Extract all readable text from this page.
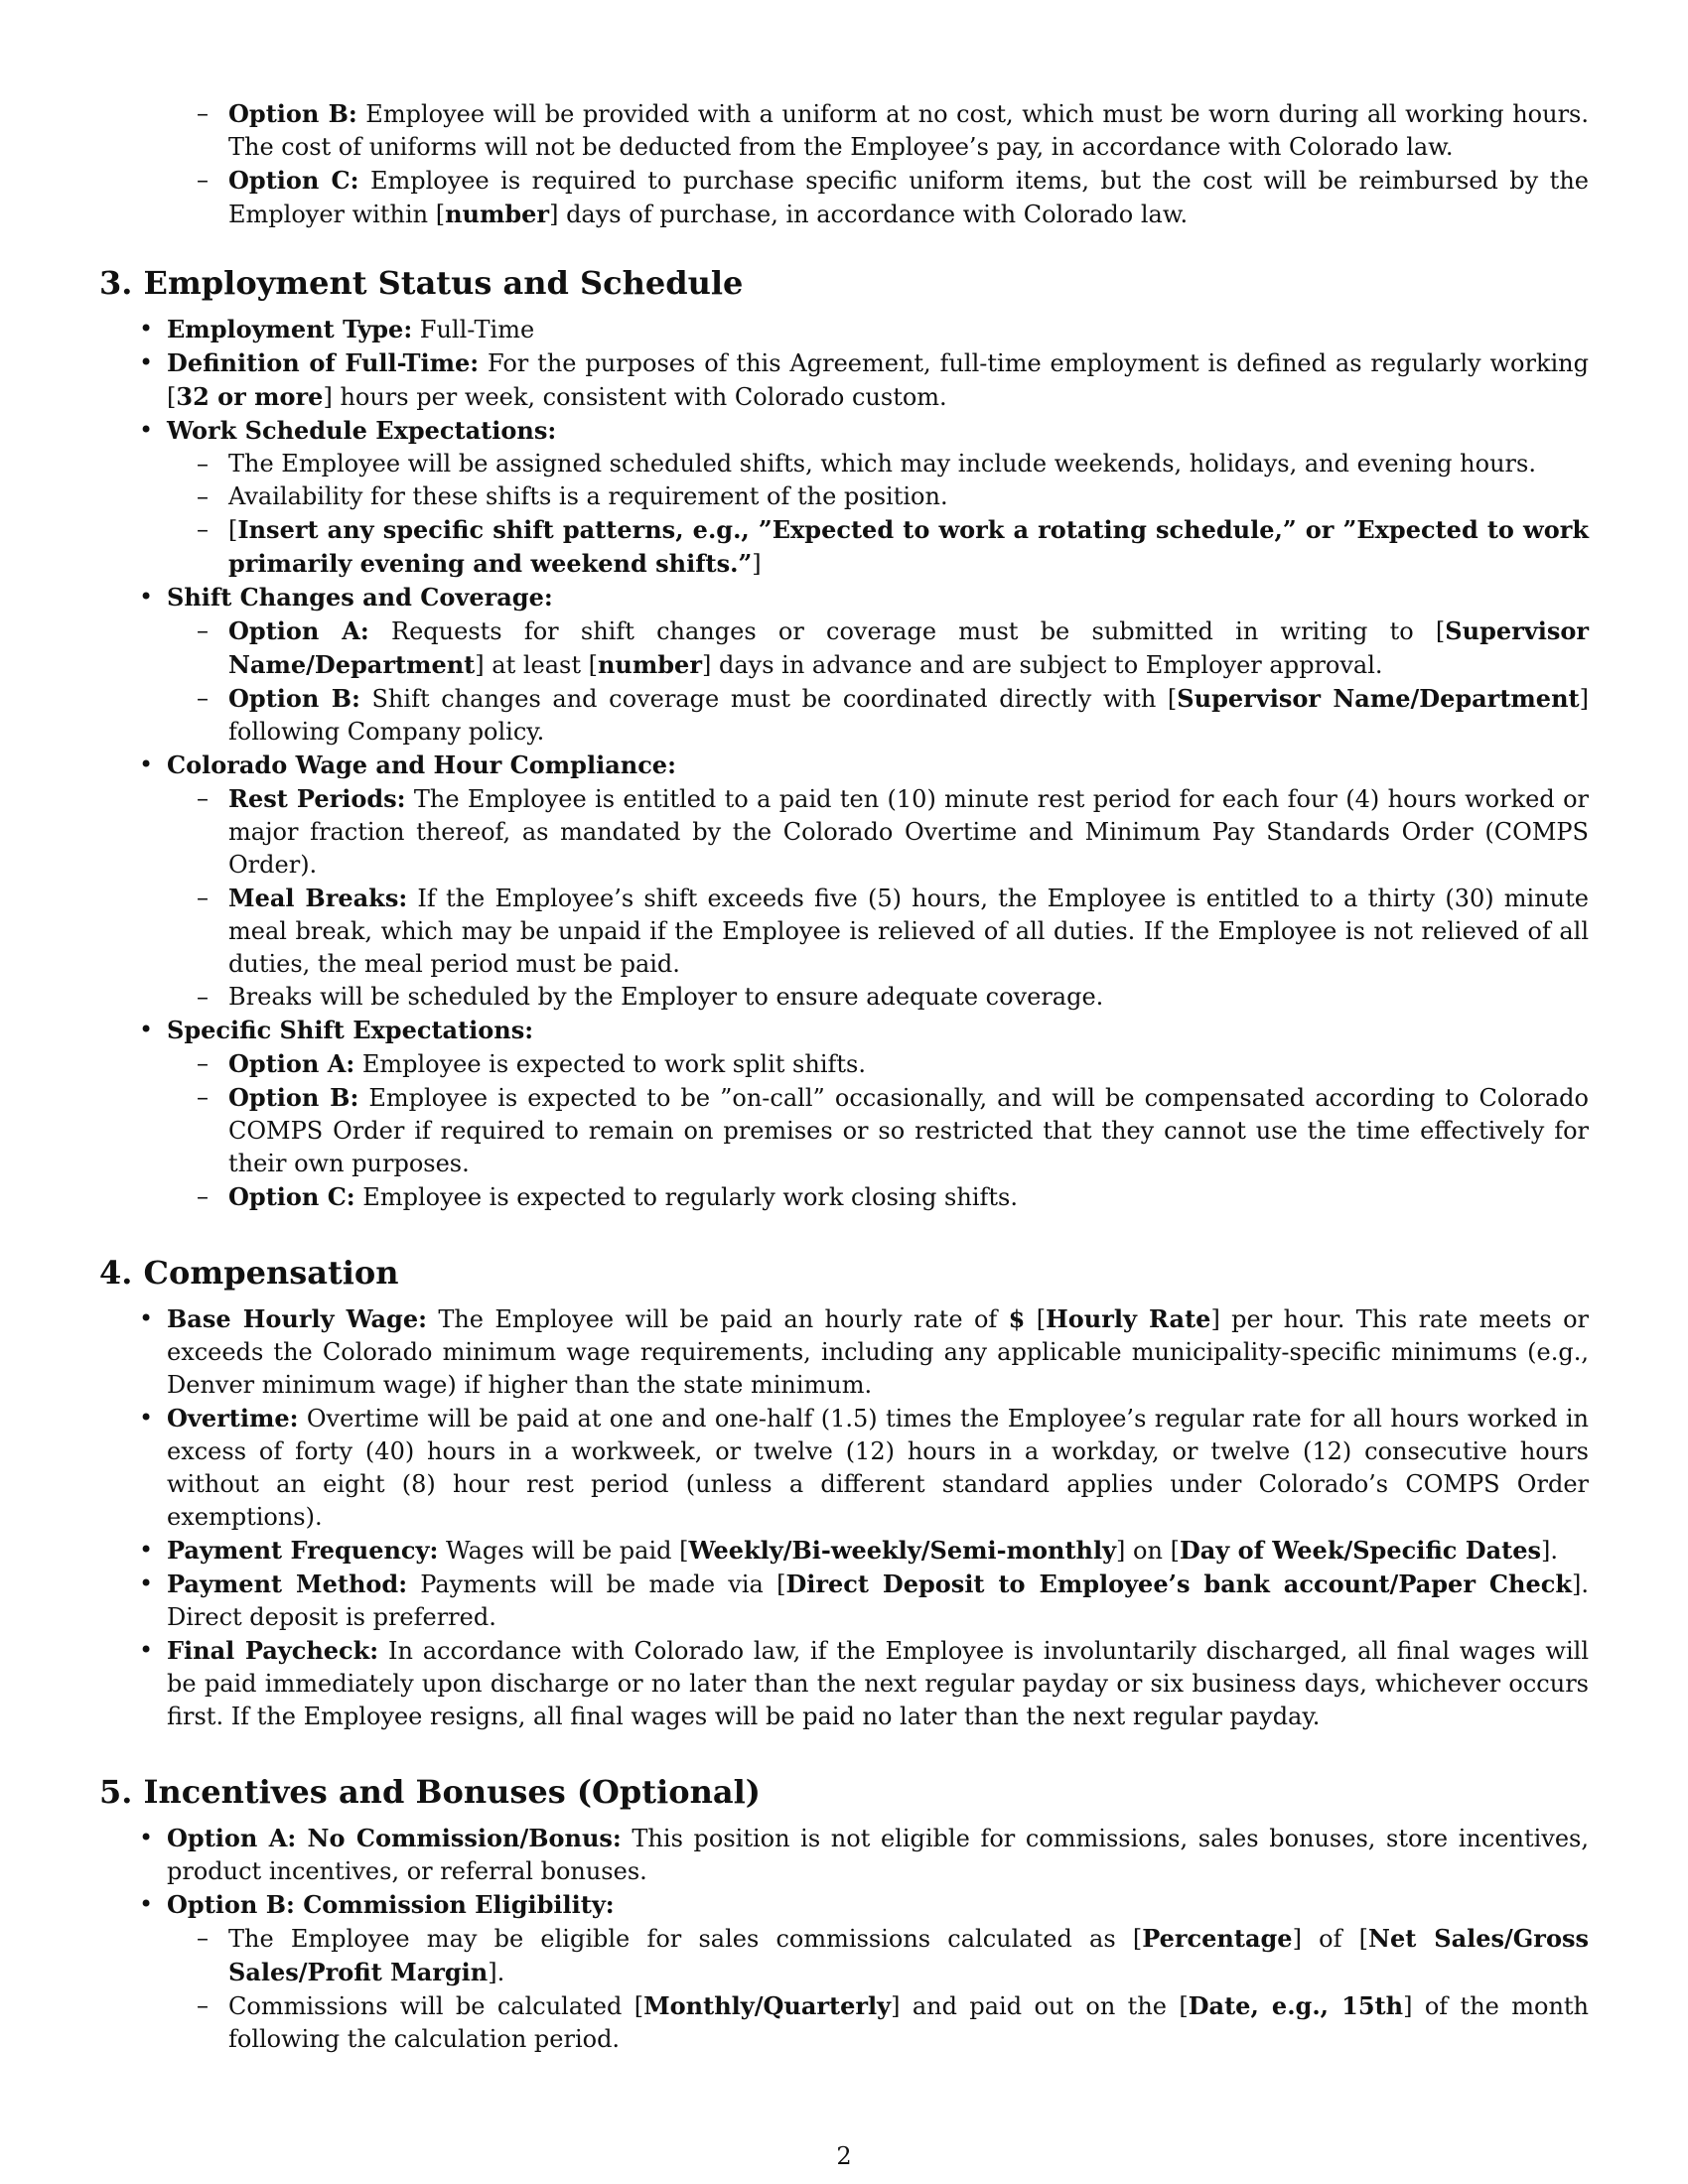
– Option B: Employee will be provided with a uniform at no cost, which must be worn during all working hours. The cost of uniforms will not be deducted from the Employee’s pay, in accordance with Colorado law.
– Option C: Employee is required to purchase specific uniform items, but the cost will be reimbursed by the Employer within [number] days of purchase, in accordance with Colorado law.
3. Employment Status and Schedule
• Employment Type: Full-Time
• Definition of Full-Time: For the purposes of this Agreement, full-time employment is defined as regularly working [32 or more] hours per week, consistent with Colorado custom.
• Work Schedule Expectations:
– The Employee will be assigned scheduled shifts, which may include weekends, holidays, and evening hours.
– Availability for these shifts is a requirement of the position.
– [Insert any specific shift patterns, e.g., ”Expected to work a rotating schedule,” or ”Expected to work primarily evening and weekend shifts.”]
• Shift Changes and Coverage:
– Option A: Requests for shift changes or coverage must be submitted in writing to [Supervisor Name/Department] at least [number] days in advance and are subject to Employer approval.
– Option B: Shift changes and coverage must be coordinated directly with [Supervisor Name/Department] following Company policy.
• Colorado Wage and Hour Compliance:
– Rest Periods: The Employee is entitled to a paid ten (10) minute rest period for each four (4) hours worked or major fraction thereof, as mandated by the Colorado Overtime and Minimum Pay Standards Order (COMPS Order).
– Meal Breaks: If the Employee’s shift exceeds five (5) hours, the Employee is entitled to a thirty (30) minute meal break, which may be unpaid if the Employee is relieved of all duties. If the Employee is not relieved of all duties, the meal period must be paid.
– Breaks will be scheduled by the Employer to ensure adequate coverage.
• Specific Shift Expectations:
– Option A: Employee is expected to work split shifts.
– Option B: Employee is expected to be ”on-call” occasionally, and will be compensated according to Colorado COMPS Order if required to remain on premises or so restricted that they cannot use the time effectively for their own purposes.
– Option C: Employee is expected to regularly work closing shifts.
4. Compensation
• Base Hourly Wage: The Employee will be paid an hourly rate of $ [Hourly Rate] per hour. This rate meets or exceeds the Colorado minimum wage requirements, including any applicable municipality-specific minimums (e.g., Denver minimum wage) if higher than the state minimum.
• Overtime: Overtime will be paid at one and one-half (1.5) times the Employee’s regular rate for all hours worked in excess of forty (40) hours in a workweek, or twelve (12) hours in a workday, or twelve (12) consecutive hours without an eight (8) hour rest period (unless a different standard applies under Colorado’s COMPS Order exemptions).
• Payment Frequency: Wages will be paid [Weekly/Bi-weekly/Semi-monthly] on [Day of Week/Specific Dates].
• Payment Method: Payments will be made via [Direct Deposit to Employee’s bank account/Paper Check]. Direct deposit is preferred.
• Final Paycheck: In accordance with Colorado law, if the Employee is involuntarily discharged, all final wages will be paid immediately upon discharge or no later than the next regular payday or six business days, whichever occurs first. If the Employee resigns, all final wages will be paid no later than the next regular payday.
5. Incentives and Bonuses (Optional)
• Option A: No Commission/Bonus: This position is not eligible for commissions, sales bonuses, store incentives, product incentives, or referral bonuses.
• Option B: Commission Eligibility:
– The Employee may be eligible for sales commissions calculated as [Percentage] of [Net Sales/Gross Sales/Profit Margin].
– Commissions will be calculated [Monthly/Quarterly] and paid out on the [Date, e.g., 15th] of the month following the calculation period.
2
